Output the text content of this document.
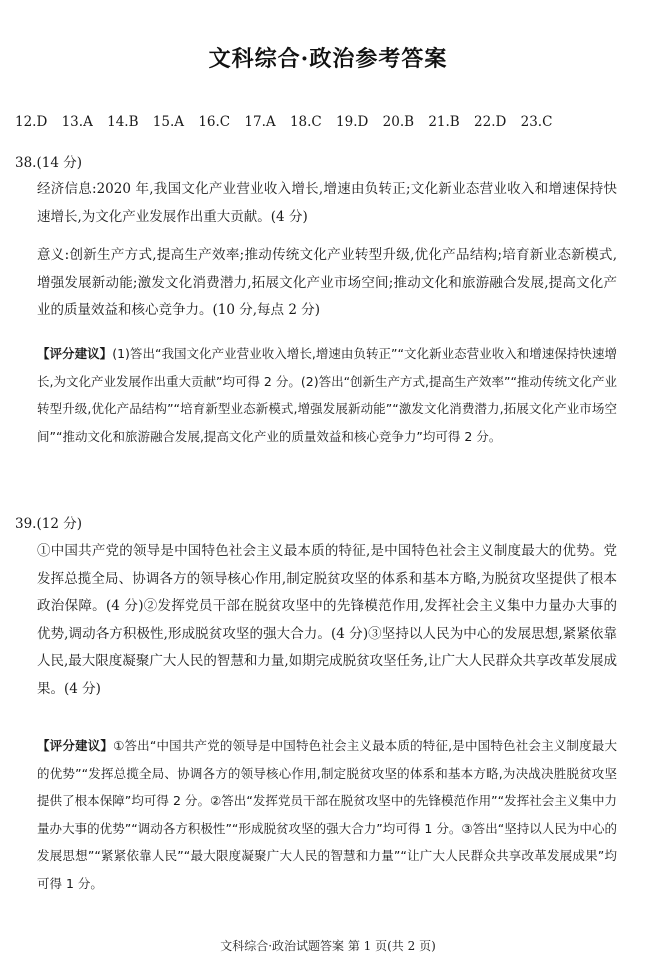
文科综合·政治参考答案
12.D 13.A 14.B 15.A 16.C 17.A 18.C 19.D 20.B 21.B 22.D 23.C
38.(14 分)
经济信息:2020 年,我国文化产业营业收入增长,增速由负转正;文化新业态营业收入和增速保持快速增长,为文化产业发展作出重大贡献。(4 分)
意义:创新生产方式,提高生产效率;推动传统文化产业转型升级,优化产品结构;培育新业态新模式,增强发展新动能;激发文化消费潜力,拓展文化产业市场空间;推动文化和旅游融合发展,提高文化产业的质量效益和核心竞争力。(10 分,每点 2 分)
【评分建议】(1)答出“我国文化产业营业收入增长,增速由负转正”“文化新业态营业收入和增速保持快速增长,为文化产业发展作出重大贡献”均可得 2 分。(2)答出“创新生产方式,提高生产效率”“推动传统文化产业转型升级,优化产品结构”“培育新型业态新模式,增强发展新动能”“激发文化消费潜力,拓展文化产业市场空间”“推动文化和旅游融合发展,提高文化产业的质量效益和核心竞争力”均可得 2 分。
39.(12 分)
①中国共产党的领导是中国特色社会主义最本质的特征,是中国特色社会主义制度最大的优势。党发挥总揽全局、协调各方的领导核心作用,制定脱贫攻坚的体系和基本方略,为脱贫攻坚提供了根本政治保障。(4 分)②发挥党员干部在脱贫攻坚中的先锋模范作用,发挥社会主义集中力量办大事的优势,调动各方积极性,形成脱贫攻坚的强大合力。(4 分)③坚持以人民为中心的发展思想,紧紧依靠人民,最大限度凝聚广大人民的智慧和力量,如期完成脱贫攻坚任务,让广大人民群众共享改革发展成果。(4 分)
【评分建议】①答出“中国共产党的领导是中国特色社会主义最本质的特征,是中国特色社会主义制度最大的优势”“发挥总揽全局、协调各方的领导核心作用,制定脱贫攻坚的体系和基本方略,为决战决胜脱贫攻坚提供了根本保障”均可得 2 分。②答出“发挥党员干部在脱贫攻坚中的先锋模范作用”“发挥社会主义集中力量办大事的优势”“调动各方积极性”“形成脱贫攻坚的强大合力”均可得 1 分。③答出“坚持以人民为中心的发展思想”“紧紧依靠人民”“最大限度凝聚广大人民的智慧和力量”“让广大人民群众共享改革发展成果”均可得 1 分。
文科综合·政治试题答案 第 1 页(共 2 页)
